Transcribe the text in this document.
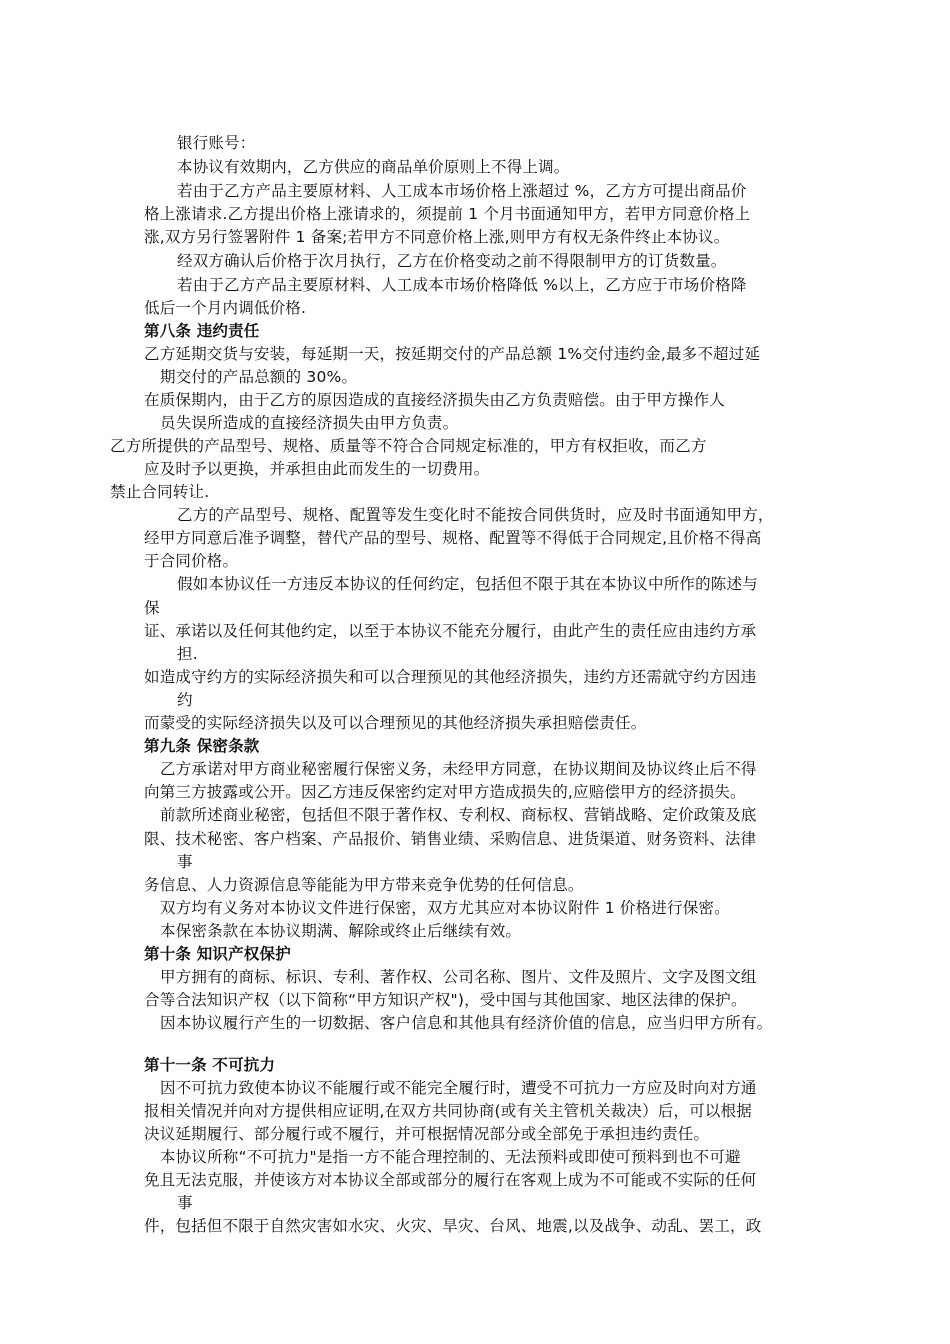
银行账号：
本协议有效期内，乙方供应的商品单价原则上不得上调。
若由于乙方产品主要原材料、人工成本市场价格上涨超过 %，乙方方可提出商品价
格上涨请求.乙方提出价格上涨请求的，须提前 1 个月书面通知甲方，若甲方同意价格上
涨,双方另行签署附件 1 备案;若甲方不同意价格上涨,则甲方有权无条件终止本协议。
经双方确认后价格于次月执行，乙方在价格变动之前不得限制甲方的订货数量。
若由于乙方产品主要原材料、人工成本市场价格降低 %以上，乙方应于市场价格降
低后一个月内调低价格.
第八条 违约责任
乙方延期交货与安装，每延期一天，按延期交付的产品总额 1%交付违约金,最多不超过延
期交付的产品总额的 30%。
在质保期内，由于乙方的原因造成的直接经济损失由乙方负责赔偿。由于甲方操作人
员失误所造成的直接经济损失由甲方负责。
乙方所提供的产品型号、规格、质量等不符合合同规定标准的，甲方有权拒收，而乙方
应及时予以更换，并承担由此而发生的一切费用。
禁止合同转让.
乙方的产品型号、规格、配置等发生变化时不能按合同供货时，应及时书面通知甲方，
经甲方同意后准予调整，替代产品的型号、规格、配置等不得低于合同规定,且价格不得高
于合同价格。
假如本协议任一方违反本协议的任何约定，包括但不限于其在本协议中所作的陈述与
保
证、承诺以及任何其他约定，以至于本协议不能充分履行，由此产生的责任应由违约方承
担.
如造成守约方的实际经济损失和可以合理预见的其他经济损失，违约方还需就守约方因违
约
而蒙受的实际经济损失以及可以合理预见的其他经济损失承担赔偿责任。
第九条 保密条款
乙方承诺对甲方商业秘密履行保密义务，未经甲方同意，在协议期间及协议终止后不得
向第三方披露或公开。因乙方违反保密约定对甲方造成损失的,应赔偿甲方的经济损失。
前款所述商业秘密，包括但不限于著作权、专利权、商标权、营销战略、定价政策及底
限、技术秘密、客户档案、产品报价、销售业绩、采购信息、进货渠道、财务资料、法律
事
务信息、人力资源信息等能能为甲方带来竞争优势的任何信息。
双方均有义务对本协议文件进行保密，双方尤其应对本协议附件 1 价格进行保密。
本保密条款在本协议期满、解除或终止后继续有效。
第十条 知识产权保护
甲方拥有的商标、标识、专利、著作权、公司名称、图片、文件及照片、文字及图文组
合等合法知识产权（以下简称“甲方知识产权")，受中国与其他国家、地区法律的保护。
因本协议履行产生的一切数据、客户信息和其他具有经济价值的信息，应当归甲方所有。
第十一条 不可抗力
因不可抗力致使本协议不能履行或不能完全履行时，遭受不可抗力一方应及时向对方通
报相关情况并向对方提供相应证明,在双方共同协商(或有关主管机关裁决）后，可以根据
决议延期履行、部分履行或不履行，并可根据情况部分或全部免于承担违约责任。
本协议所称“不可抗力"是指一方不能合理控制的、无法预料或即使可预料到也不可避
免且无法克服，并使该方对本协议全部或部分的履行在客观上成为不可能或不实际的任何
事
件，包括但不限于自然灾害如水灾、火灾、旱灾、台风、地震,以及战争、动乱、罢工，政
